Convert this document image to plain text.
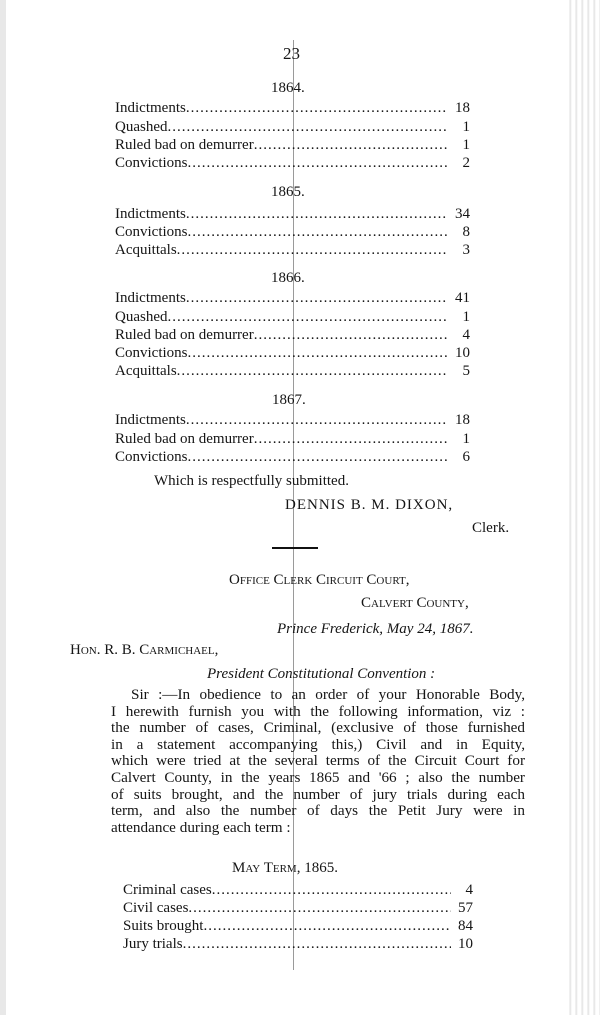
23
1864.
Indictments .....	18
Quashed .....	1
Ruled bad on demurrer .....	1
Convictions .....	2
1865.
Indictments .....	34
Convictions .....	8
Acquittals .....	3
1866.
Indictments .....	41
Quashed .....	1
Ruled bad on demurrer .....	4
Convictions .....	10
Acquittals .....	5
1867.
Indictments .....	18
Ruled bad on demurrer .....	1
Convictions .....	6
Which is respectfully submitted.
DENNIS B. M. DIXON,
Clerk.
Office Clerk Circuit Court,
Calvert County,
Prince Frederick, May 24, 1867.
Hon. R. B. Carmichael,
President Constitutional Convention :
Sir :—In obedience to an order of your Honorable Body,
I herewith furnish you with the following information, viz :
the number of cases, Criminal, (exclusive of those furnished
in a statement accompanying this,) Civil and in Equity,
which were tried at the several terms of the Circuit Court for
Calvert County, in the years 1865 and '66 ; also the number
of suits brought, and the number of jury trials during each
term, and also the number of days the Petit Jury were in
attendance during each term :
May Term, 1865.
Criminal cases .....	4
Civil cases .....	57
Suits brought .....	84
Jury trials .....	10
